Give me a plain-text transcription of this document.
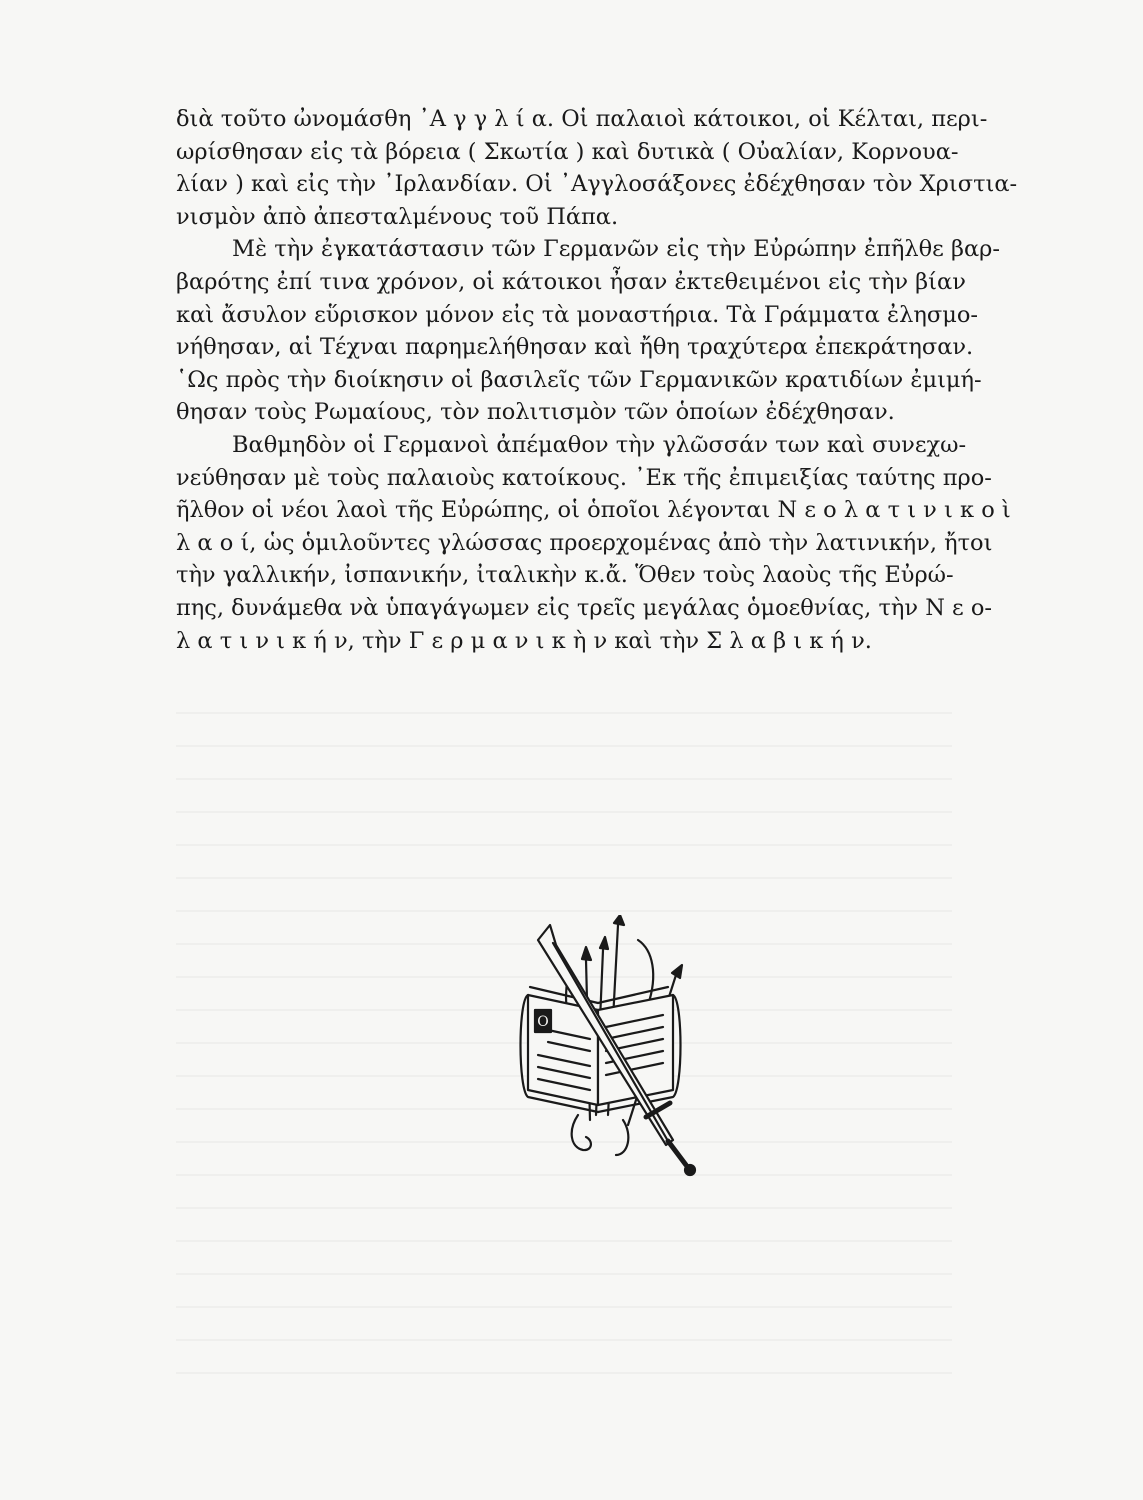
διὰ τοῦτο ὠνομάσθη ᾿Α γ γ λ ί α. Οἱ παλαιοὶ κάτοικοι, οἱ Κέλται, περι-
ωρίσθησαν εἰς τὰ βόρεια ( Σκωτία ) καὶ δυτικὰ ( Οὐαλίαν, Κορνουα-
λίαν ) καὶ εἰς τὴν ᾿Ιρλανδίαν. Οἱ ᾿Αγγλοσάξονες ἐδέχθησαν τὸν Χριστια-
νισμὸν ἀπὸ ἀπεσταλμένους τοῦ Πάπα.
Μὲ τὴν ἐγκατάστασιν τῶν Γερμανῶν εἰς τὴν Εὐρώπην ἐπῆλθε βαρ-
βαρότης ἐπί τινα χρόνον, οἱ κάτοικοι ἦσαν ἐκτεθειμένοι εἰς τὴν βίαν
καὶ ἄσυλον εὕρισκον μόνον εἰς τὰ μοναστήρια. Τὰ Γράμματα ἐλησμο-
νήθησαν, αἱ Τέχναι παρημελήθησαν καὶ ἤθη τραχύτερα ἐπεκράτησαν.
῾Ως πρὸς τὴν διοίκησιν οἱ βασιλεῖς τῶν Γερμανικῶν κρατιδίων ἐμιμή-
θησαν τοὺς Ρωμαίους, τὸν πολιτισμὸν τῶν ὁποίων ἐδέχθησαν.
Βαθμηδὸν οἱ Γερμανοὶ ἀπέμαθον τὴν γλῶσσάν των καὶ συνεχω-
νεύθησαν μὲ τοὺς παλαιοὺς κατοίκους. ᾿Εκ τῆς ἐπιμειξίας ταύτης προ-
ῆλθον οἱ νέοι λαοὶ τῆς Εὐρώπης, οἱ ὁποῖοι λέγονται Ν ε ο λ α τ ι ν ι κ ο ὶ
λ α ο ί, ὡς ὁμιλοῦντες γλώσσας προερχομένας ἀπὸ τὴν λατινικήν, ἤτοι
τὴν γαλλικήν, ἰσπανικήν, ἰταλικὴν κ.ἄ. Ὅθεν τοὺς λαοὺς τῆς Εὐρώ-
πης, δυνάμεθα νὰ ὑπαγάγωμεν εἰς τρεῖς μεγάλας ὁμοεθνίας, τὴν Ν ε ο-
λ α τ ι ν ι κ ή ν, τὴν Γ ε ρ μ α ν ι κ ὴ ν καὶ τὴν Σ λ α β ι κ ή ν.
Ο
